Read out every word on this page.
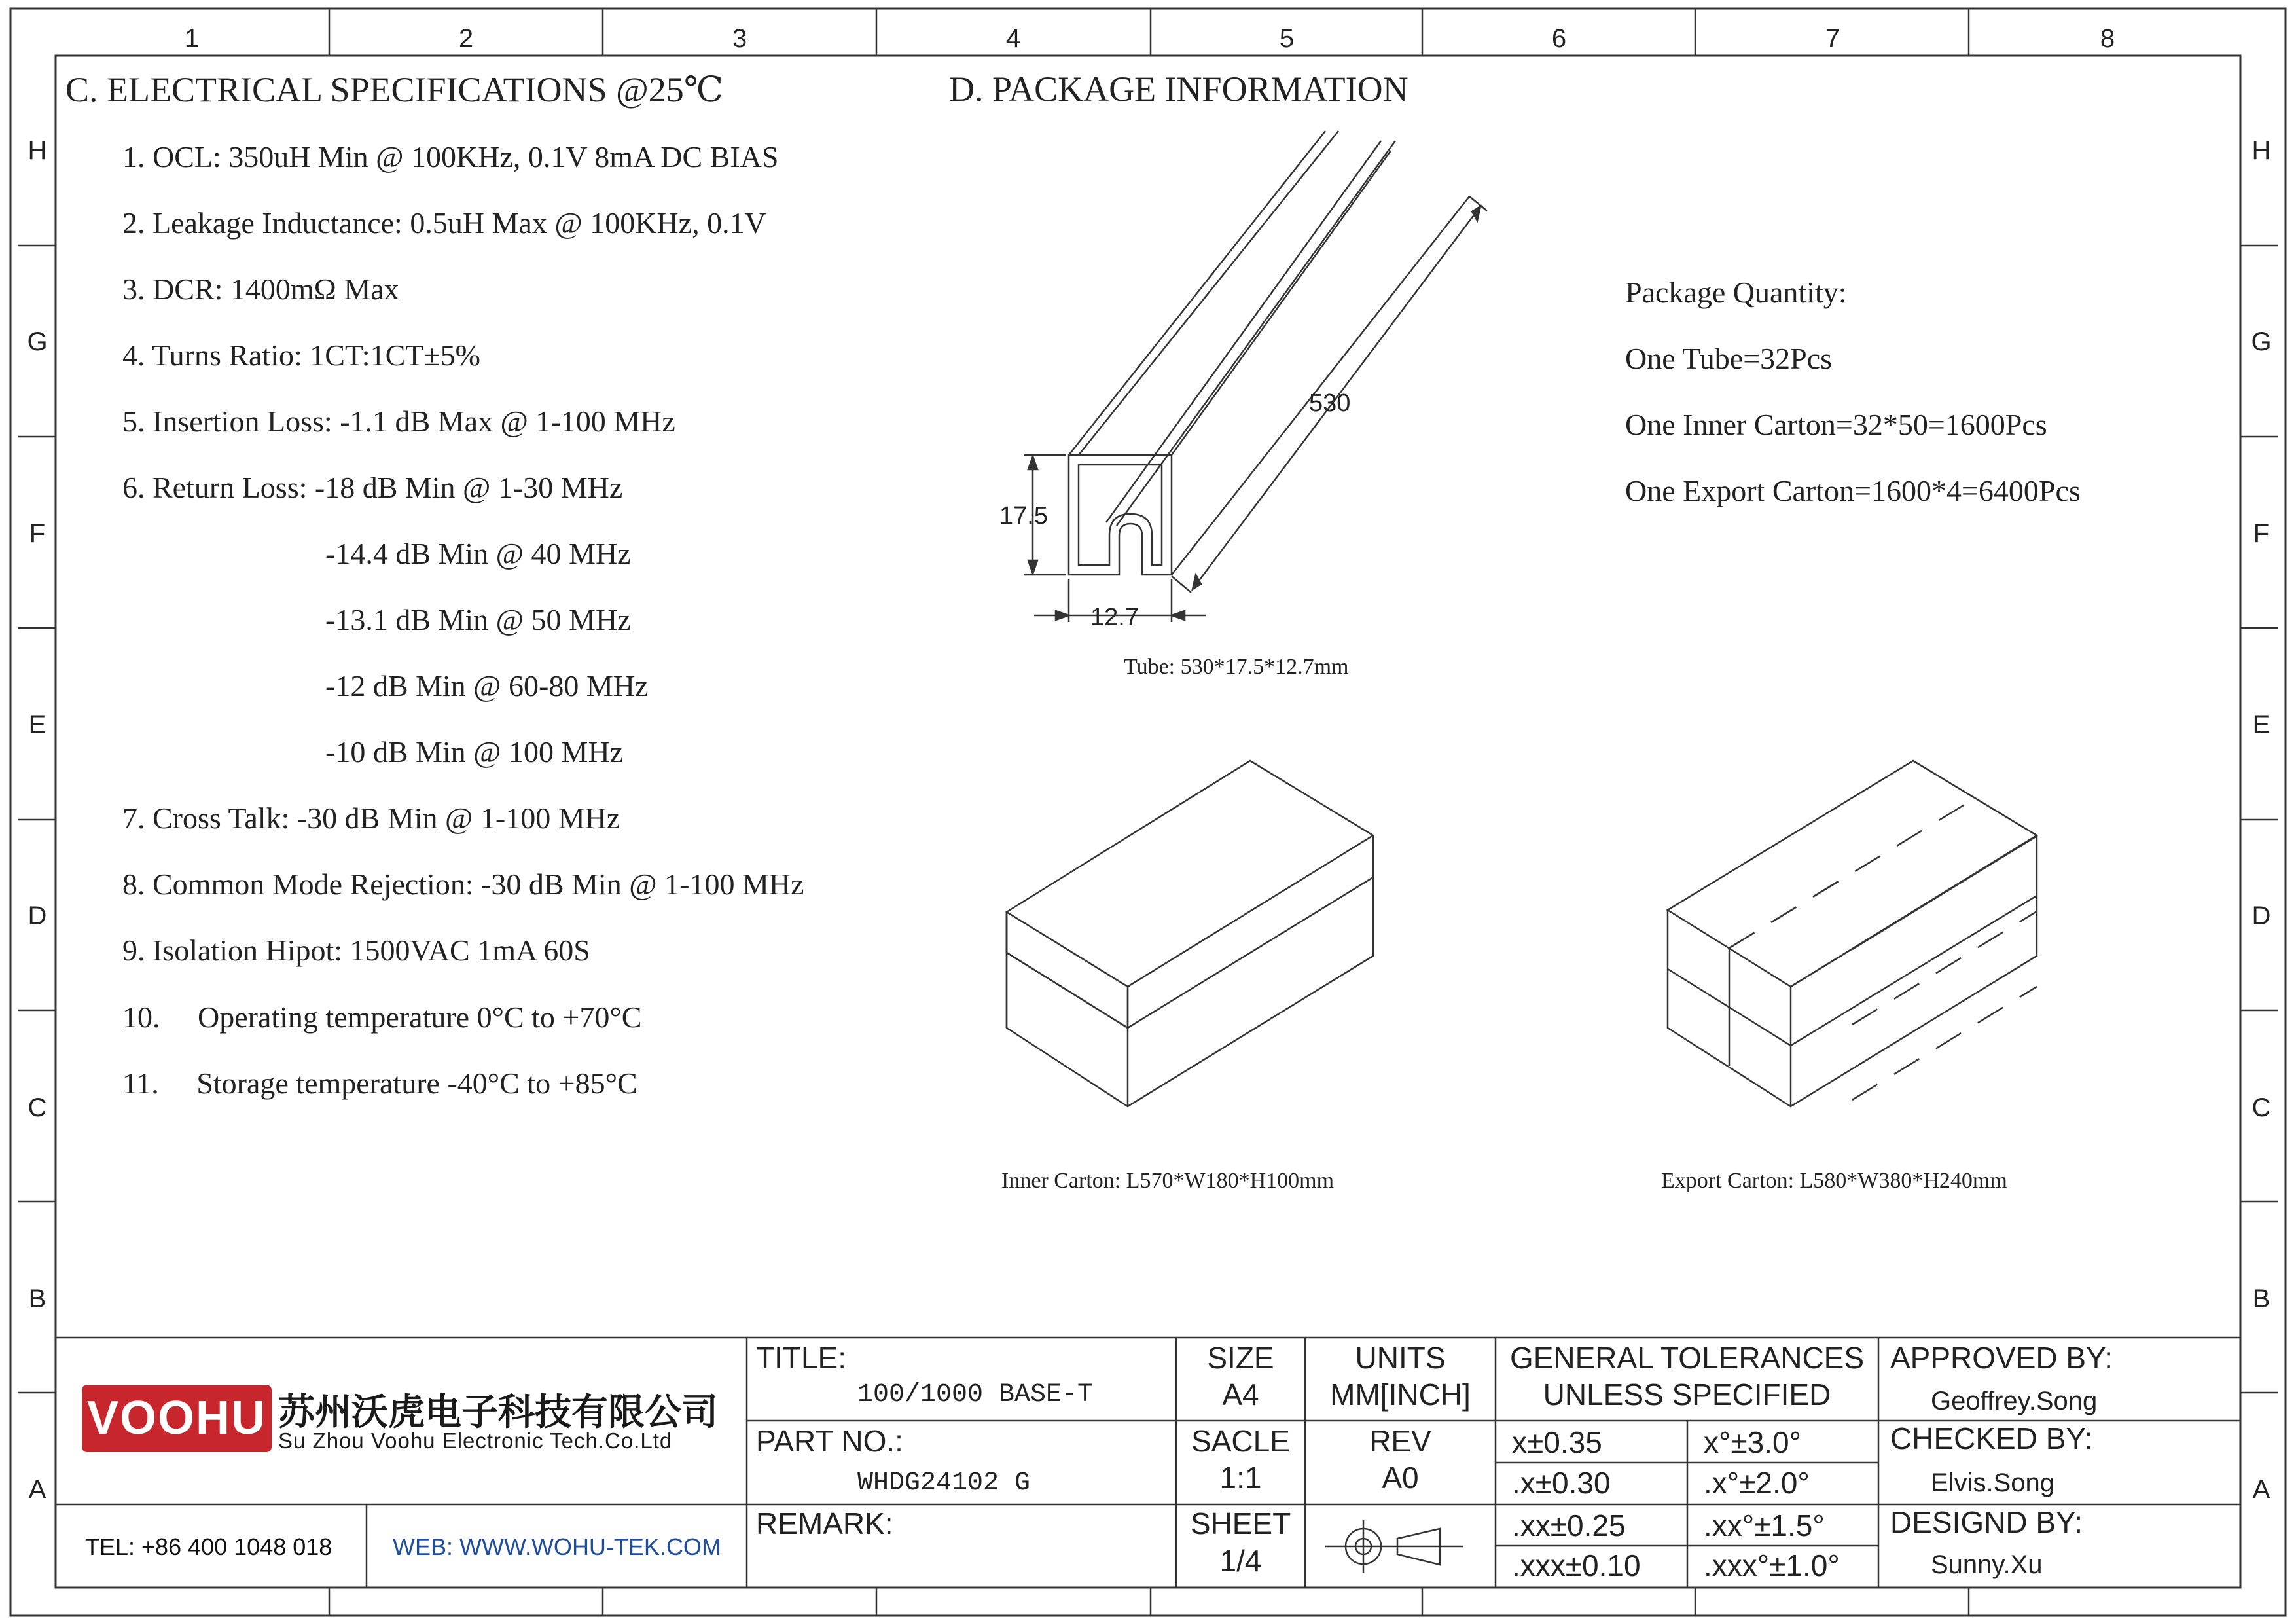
1	2	3	4	5	6	7	8
H
G
F
E
D
C
B
A
H
G
F
E
D
C
B
A
530
17.5
12.7
C. ELECTRICAL SPECIFICATIONS @25℃
1. OCL: 350uH Min @ 100KHz, 0.1V 8mA DC BIAS
2. Leakage Inductance: 0.5uH Max @ 100KHz, 0.1V
3. DCR: 1400mΩ Max
4. Turns Ratio: 1CT:1CT±5%
5. Insertion Loss: -1.1 dB Max @ 1-100 MHz
6. Return Loss: -18 dB Min @ 1-30 MHz
-14.4 dB Min @ 40 MHz
-13.1 dB Min @ 50 MHz
-12 dB Min @ 60-80 MHz
-10 dB Min @ 100 MHz
7. Cross Talk: -30 dB Min @ 1-100 MHz
8. Common Mode Rejection: -30 dB Min @ 1-100 MHz
9. Isolation Hipot: 1500VAC 1mA 60S
10.     Operating temperature 0°C to +70°C
11.     Storage temperature -40°C to +85°C
D. PACKAGE INFORMATION
Tube: 530*17.5*12.7mm
Package Quantity:
One Tube=32Pcs
One Inner Carton=32*50=1600Pcs
One Export Carton=1600*4=6400Pcs
Inner Carton: L570*W180*H100mm	Export Carton: L580*W380*H240mm
VOOHU 苏州沃虎电子科技有限公司
Su Zhou Voohu Electronic Tech.Co.Ltd
TEL: +86 400 1048 018	WEB: WWW.WOHU-TEK.COM
TITLE:
100/1000 BASE-T
PART NO.:
WHDG24102 G
REMARK:
SIZE
A4
UNITS
MM[INCH]
SACLE
1:1
REV
A0
SHEET
1/4
GENERAL TOLERANCES
UNLESS SPECIFIED
x±0.35	x°±3.0°
.x±0.30	.x°±2.0°
.xx±0.25	.xx°±1.5°
.xxx±0.10 .xxx°±1.0°
APPROVED BY:
Geoffrey.Song
CHECKED BY:
Elvis.Song
DESIGND BY:
Sunny.Xu
